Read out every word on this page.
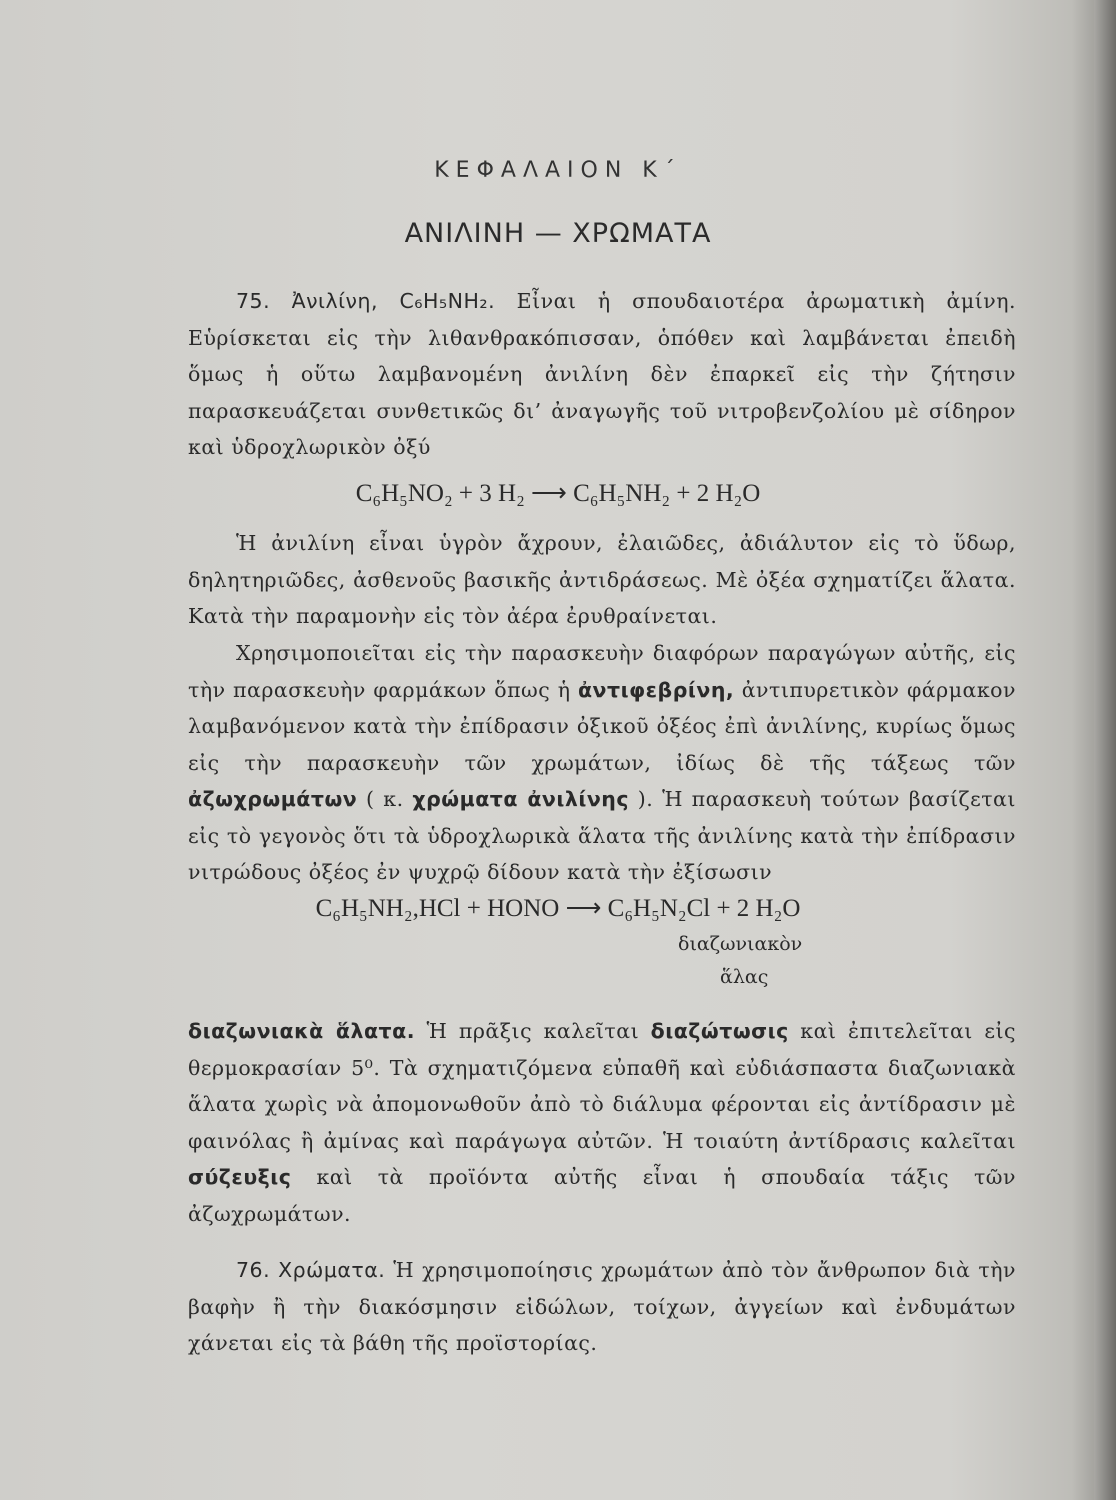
ΚΕΦΑΛΑΙΟΝ Κ΄
ΑΝΙΛΙΝΗ — ΧΡΩΜΑΤΑ

75. Ἀνιλίνη, C₆H₅NH₂. Εἶναι ἡ σπουδαιοτέρα ἀρωματικὴ ἀμίνη. Εὑρίσκεται εἰς τὴν λιθανθρακόπισσαν, ὁπόθεν καὶ λαμβάνεται ἐπειδὴ ὅμως ἡ οὕτω λαμβανομένη ἀνιλίνη δὲν ἐπαρκεῖ εἰς τὴν ζήτησιν παρασκευάζεται συνθετικῶς δι’ ἀναγωγῆς τοῦ νιτροβενζολίου μὲ σίδηρον καὶ ὑδροχλωρικὸν ὀξύ

C₆H₅NO₂ + 3 H₂ ⟶ C₆H₅NH₂ + 2 H₂O

Ἡ ἀνιλίνη εἶναι ὑγρὸν ἄχρουν, ἐλαιῶδες, ἀδιάλυτον εἰς τὸ ὕδωρ, δηλητηριῶδες, ἀσθενοῦς βασικῆς ἀντιδράσεως. Μὲ ὀξέα σχηματίζει ἅλατα. Κατὰ τὴν παραμονὴν εἰς τὸν ἀέρα ἐρυθραίνεται.

Χρησιμοποιεῖται εἰς τὴν παρασκευὴν διαφόρων παραγώγων αὐτῆς, εἰς τὴν παρασκευὴν φαρμάκων ὅπως ἡ ἀντιφεβρίνη, ἀντιπυρετικὸν φάρμακον λαμβανόμενον κατὰ τὴν ἐπίδρασιν ὀξικοῦ ὀξέος ἐπὶ ἀνιλίνης, κυρίως ὅμως εἰς τὴν παρασκευὴν τῶν χρωμάτων, ἰδίως δὲ τῆς τάξεως τῶν ἀζωχρωμάτων ( κ. χρώματα ἀνιλίνης ). Ἡ παρασκευὴ τούτων βασίζεται εἰς τὸ γεγονὸς ὅτι τὰ ὑδροχλωρικὰ ἅλατα τῆς ἀνιλίνης κατὰ τὴν ἐπίδρασιν νιτρώδους ὀξέος ἐν ψυχρῷ δίδουν κατὰ τὴν ἐξίσωσιν

C₆H₅NH₂,HCl + HONO ⟶ C₆H₅N₂Cl + 2 H₂O
διαζωνιακὸν
ἅλας

διαζωνιακὰ ἅλατα. Ἡ πρᾶξις καλεῖται διαζώτωσις καὶ ἐπιτελεῖται εἰς θερμοκρασίαν 5⁰. Τὰ σχηματιζόμενα εὐπαθῆ καὶ εὐδιάσπαστα διαζωνιακὰ ἅλατα χωρὶς νὰ ἀπομονωθοῦν ἀπὸ τὸ διάλυμα φέρονται εἰς ἀντίδρασιν μὲ φαινόλας ἢ ἀμίνας καὶ παράγωγα αὐτῶν. Ἡ τοιαύτη ἀντίδρασις καλεῖται σύζευξις καὶ τὰ προϊόντα αὐτῆς εἶναι ἡ σπουδαία τάξις τῶν ἀζωχρωμάτων.

76. Χρώματα. Ἡ χρησιμοποίησις χρωμάτων ἀπὸ τὸν ἄνθρωπον διὰ τὴν βαφὴν ἢ τὴν διακόσμησιν εἰδώλων, τοίχων, ἀγγείων καὶ ἐνδυμάτων χάνεται εἰς τὰ βάθη τῆς προϊστορίας.
